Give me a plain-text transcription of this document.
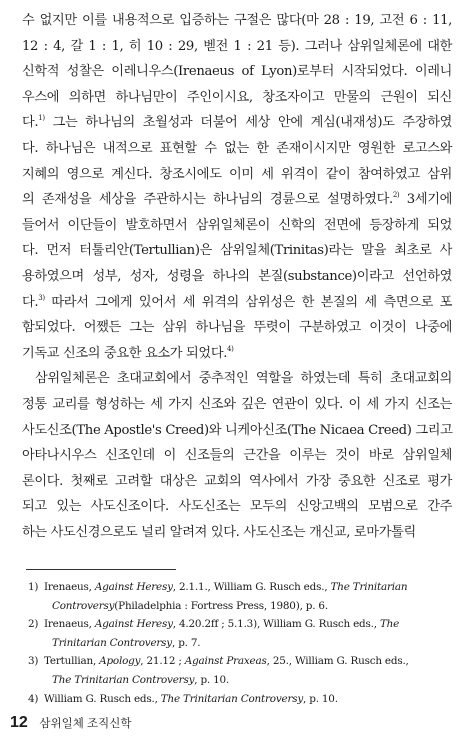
수 없지만 이를 내용적으로 입증하는 구절은 많다(마 28 : 19, 고전 6 : 11,
12 : 4, 갈 1 : 1, 히 10 : 29, 벧전 1 : 21 등). 그러나 삼위일체론에 대한
신학적 성찰은 이레니우스(Irenaeus of Lyon)로부터 시작되었다. 이레니
우스에 의하면 하나님만이 주인이시요, 창조자이고 만물의 근원이 되신
다.$^{1)}$ 그는 하나님의 초월성과 더불어 세상 안에 계심(내재성)도 주장하였
다. 하나님은 내적으로 표현할 수 없는 한 존재이시지만 영원한 로고스와
지혜의 영으로 계신다. 창조시에도 이미 세 위격이 같이 참여하였고 삼위
의 존재성을 세상을 주관하시는 하나님의 경륜으로 설명하였다.$^{2)}$ 3세기에
들어서 이단들이 발호하면서 삼위일체론이 신학의 전면에 등장하게 되었
다. 먼저 터툴리안(Tertullian)은 삼위일체(Trinitas)라는 말을 최초로 사
용하였으며 성부, 성자, 성령을 하나의 본질(substance)이라고 선언하였
다.$^{3)}$ 따라서 그에게 있어서 세 위격의 삼위성은 한 본질의 세 측면으로 포
함되었다. 어쨌든 그는 삼위 하나님을 뚜렷이 구분하였고 이것이 나중에
기독교 신조의 중요한 요소가 되었다.$^{4)}$
삼위일체론은 초대교회에서 중추적인 역할을 하였는데 특히 초대교회의
정통 교리를 형성하는 세 가지 신조와 깊은 연관이 있다. 이 세 가지 신조는
사도신조(The Apostle's Creed)와 니케아신조(The Nicaea Creed) 그리고
아타나시우스 신조인데 이 신조들의 근간을 이루는 것이 바로 삼위일체
론이다. 첫째로 고려할 대상은 교회의 역사에서 가장 중요한 신조로 평가
되고 있는 사도신조이다. 사도신조는 모두의 신앙고백의 모범으로 간주
하는 사도신경으로도 널리 알려져 있다. 사도신조는 개신교, 로마가톨릭
1) Irenaeus, Against Heresy, 2.1.1., William G. Rusch eds., The Trinitarian
Controversy(Philadelphia : Fortress Press, 1980), p. 6.
2) Irenaeus, Against Heresy, 4.20.2ff ; 5.1.3), William G. Rusch eds., The
Trinitarian Controversy, p. 7.
3) Tertullian, Apology, 21.12 ; Against Praxeas, 25., William G. Rusch eds.,
The Trinitarian Controversy, p. 10.
4) William G. Rusch eds., The Trinitarian Controversy, p. 10.
12 삼위일체 조직신학
